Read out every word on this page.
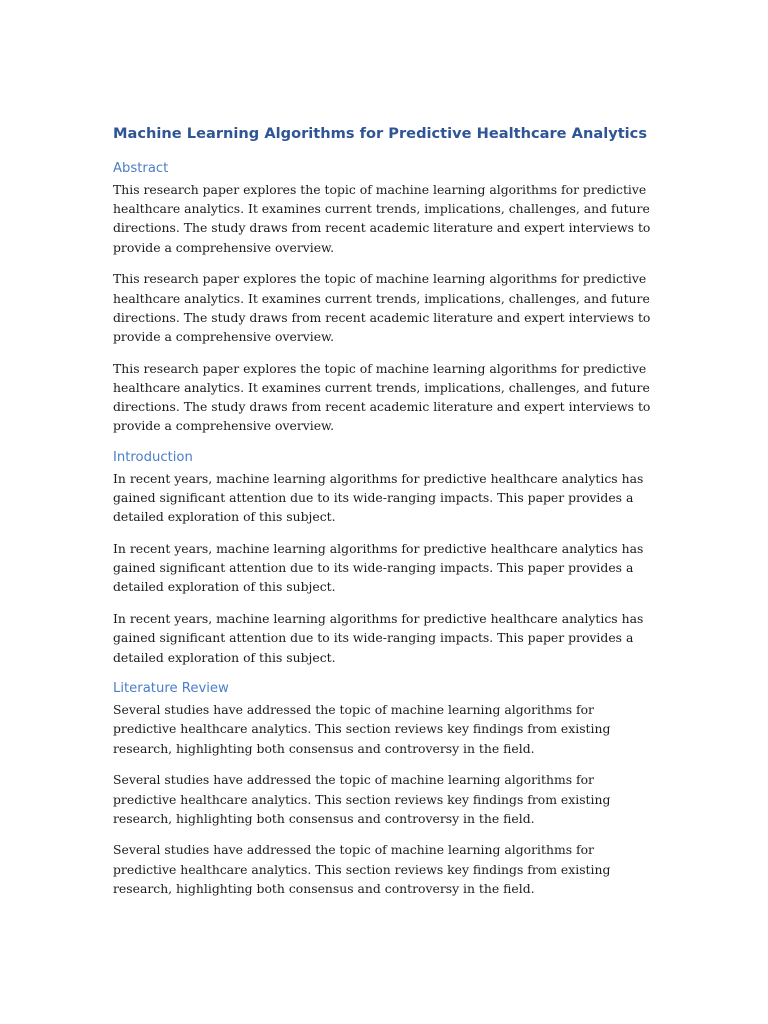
Machine Learning Algorithms for Predictive Healthcare Analytics
Abstract

This research paper explores the topic of machine learning algorithms for predictive healthcare analytics. It examines current trends, implications, challenges, and future directions. The study draws from recent academic literature and expert interviews to provide a comprehensive overview.

This research paper explores the topic of machine learning algorithms for predictive healthcare analytics. It examines current trends, implications, challenges, and future directions. The study draws from recent academic literature and expert interviews to provide a comprehensive overview.

This research paper explores the topic of machine learning algorithms for predictive healthcare analytics. It examines current trends, implications, challenges, and future directions. The study draws from recent academic literature and expert interviews to provide a comprehensive overview.

Introduction

In recent years, machine learning algorithms for predictive healthcare analytics has gained significant attention due to its wide-ranging impacts. This paper provides a detailed exploration of this subject.

In recent years, machine learning algorithms for predictive healthcare analytics has gained significant attention due to its wide-ranging impacts. This paper provides a detailed exploration of this subject.

In recent years, machine learning algorithms for predictive healthcare analytics has gained significant attention due to its wide-ranging impacts. This paper provides a detailed exploration of this subject.

Literature Review

Several studies have addressed the topic of machine learning algorithms for predictive healthcare analytics. This section reviews key findings from existing research, highlighting both consensus and controversy in the field.

Several studies have addressed the topic of machine learning algorithms for predictive healthcare analytics. This section reviews key findings from existing research, highlighting both consensus and controversy in the field.

Several studies have addressed the topic of machine learning algorithms for predictive healthcare analytics. This section reviews key findings from existing research, highlighting both consensus and controversy in the field.
